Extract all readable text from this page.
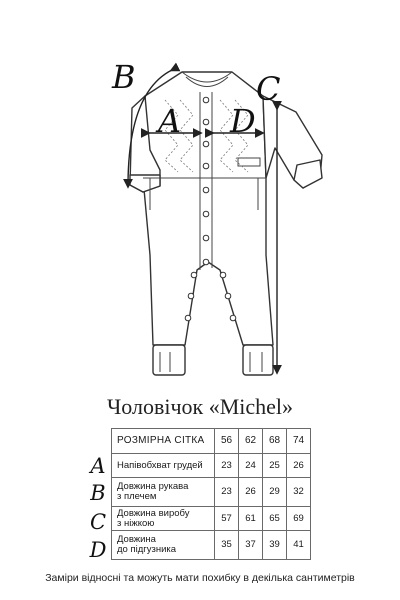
B
A D
C
Чоловічок «Michel»
РОЗМІРНА СІТКА	56	62	68	74
Напівобхват грудей	23	24	25	26
Довжина рукава
з плечем	23	26	29	32
Довжина виробу
з ніжкою	57	61	65	69
Довжина
до підгузника	35	37	39	41
A
B
C
D
Заміри відносні та можуть мати похибку в декілька сантиметрів
